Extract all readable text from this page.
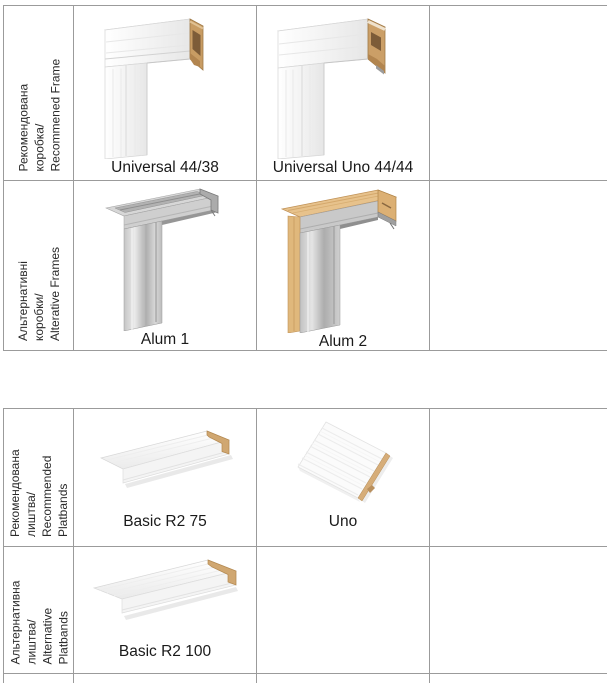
Рекомендована коробка/ Recommened Frame	Universal 44/38	Universal Uno 44/44
Альтернативні коробки/ Alterative Frames	Alum 1	Alum 2
Рекомендована лиштва/ Recommended Platbands	Basic R2 75	Uno
Альтернативна лиштва/ Alternative Platbands	Basic R2 100
